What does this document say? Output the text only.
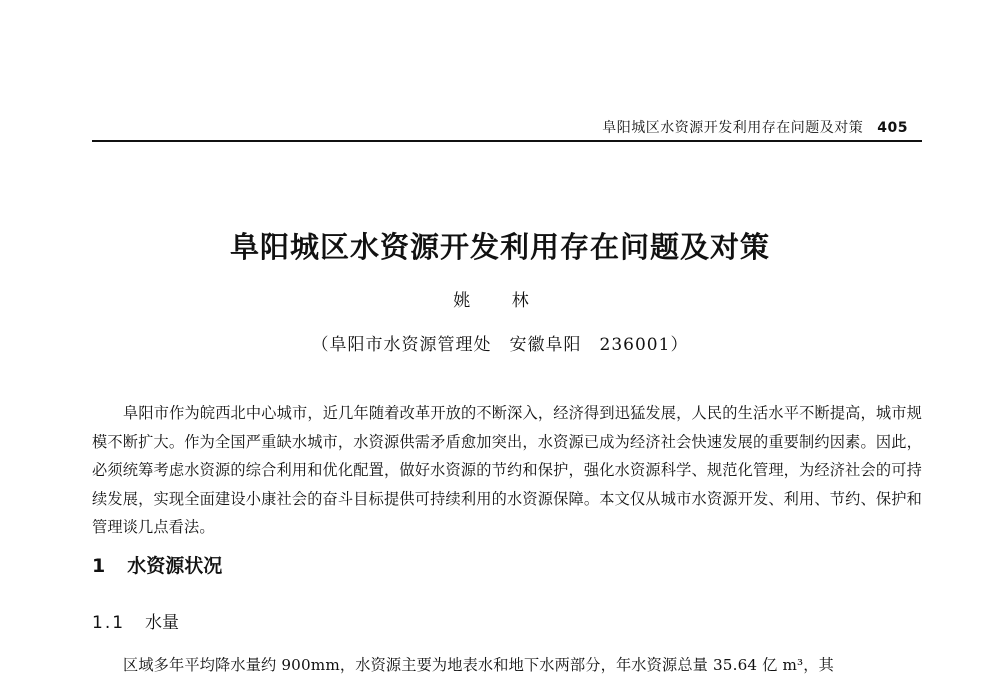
阜阳城区水资源开发利用存在问题及对策 405
阜阳城区水资源开发利用存在问题及对策
姚 林
（阜阳市水资源管理处　安徽阜阳　236001）

阜阳市作为皖西北中心城市，近几年随着改革开放的不断深入，经济得到迅猛发展，人民的生活水平不断提高，城市规模不断扩大。作为全国严重缺水城市，水资源供需矛盾愈加突出，水资源已成为经济社会快速发展的重要制约因素。因此，必须统筹考虑水资源的综合利用和优化配置，做好水资源的节约和保护，强化水资源科学、规范化管理，为经济社会的可持续发展，实现全面建设小康社会的奋斗目标提供可持续利用的水资源保障。本文仅从城市水资源开发、利用、节约、保护和管理谈几点看法。

1 水资源状况
1.1 水量

区域多年平均降水量约 900mm，水资源主要为地表水和地下水两部分，年水资源总量 35.64 亿 m³，其
